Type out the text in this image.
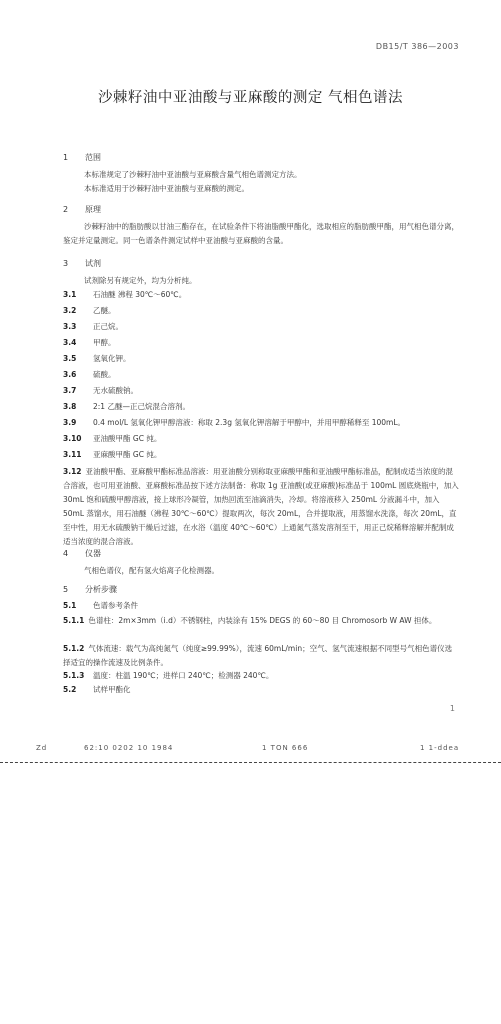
DB15/T 386—2003
沙棘籽油中亚油酸与亚麻酸的测定 气相色谱法
1 范围
本标准规定了沙棘籽油中亚油酸与亚麻酸含量气相色谱测定方法。
本标准适用于沙棘籽油中亚油酸与亚麻酸的测定。
2 原理
沙棘籽油中的脂肪酸以甘油三酯存在，在试验条件下将油脂酸甲酯化，选取相应的脂肪酸甲酯，用气相色谱分离，鉴定并定量测定。同一色谱条件测定试样中亚油酸与亚麻酸的含量。
3 试剂
试剂除另有规定外，均为分析纯。
3.1 石油醚 沸程 30℃～60℃。
3.2 乙醚。
3.3 正己烷。
3.4 甲醇。
3.5 氢氧化钾。
3.6 硫酸。
3.7 无水硫酸钠。
3.8 2:1 乙醚—正己烷混合溶剂。
3.9 0.4 mol/L 氢氧化钾甲醇溶液：称取 2.3g 氢氧化钾溶解于甲醇中，并用甲醇稀释至 100mL。
3.10 亚油酸甲酯 GC 纯。
3.11 亚麻酸甲酯 GC 纯。
3.12 亚油酸甲酯、亚麻酸甲酯标准品溶液：用亚油酸分别称取亚麻酸甲酯和亚油酸甲酯标准品，配制成适当浓度的混合溶液，也可用亚油酸、亚麻酸标准品按下述方法制备：称取 1g 亚油酸(或亚麻酸)标准品于 100mL 圆底烧瓶中，加入 30mL 饱和硫酸甲醇溶液，接上球形冷凝管，加热回流至油滴消失，冷却。将溶液移入 250mL 分液漏斗中，加入 50mL 蒸馏水，用石油醚（沸程 30℃～60℃）提取两次，每次 20mL，合并提取液，用蒸馏水洗涤，每次 20mL，直至中性，用无水硫酸钠干燥后过滤，在水浴（温度 40℃～60℃）上通氮气蒸发溶剂至干，用正己烷稀释溶解并配制成适当浓度的混合溶液。
4 仪器
气相色谱仪，配有氢火焰离子化检测器。
5 分析步骤
5.1 色谱参考条件
5.1.1 色谱柱：2m×3mm（i.d）不锈钢柱，内装涂有 15% DEGS 的 60～80 目 Chromosorb W AW 担体。
5.1.2 气体流速：载气为高纯氮气（纯度≥99.99%），流速 60mL/min；空气、氢气流速根据不同型号气相色谱仪选择适宜的操作流速及比例条件。
5.1.3 温度：柱温 190℃；进样口 240℃；检测器 240℃。
5.2 试样甲酯化
1
Zd	62:10 0202 10 1984	1 TON 666	1 1-ddea
